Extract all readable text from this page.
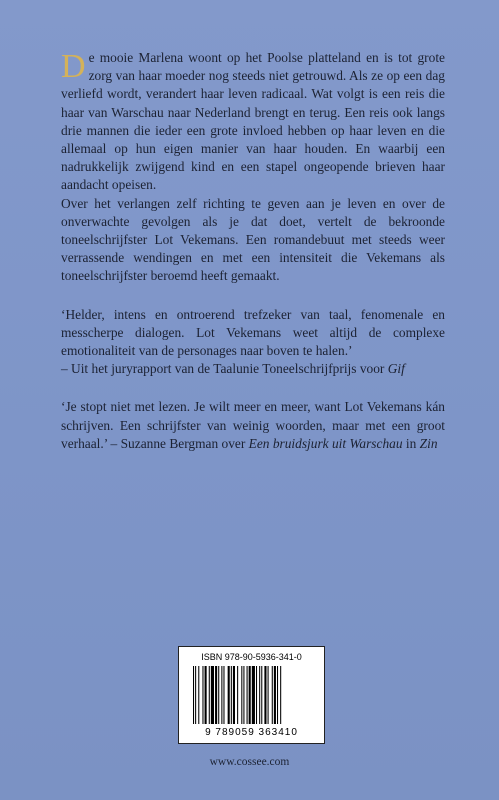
De mooie Marlena woont op het Poolse platteland en is tot grote zorg van haar moeder nog steeds niet getrouwd. Als ze op een dag verliefd wordt, verandert haar leven radicaal. Wat volgt is een reis die haar van Warschau naar Nederland brengt en terug. Een reis ook langs drie mannen die ieder een grote invloed hebben op haar leven en die allemaal op hun eigen manier van haar houden. En waarbij een nadrukkelijk zwijgend kind en een stapel ongeopende brieven haar aandacht opeisen.

Over het verlangen zelf richting te geven aan je leven en over de onverwachte gevolgen als je dat doet, vertelt de bekroonde toneelschrijfster Lot Vekemans. Een romandebuut met steeds weer verrassende wendingen en met een intensiteit die Vekemans als toneelschrijfster beroemd heeft gemaakt.

‘Helder, intens en ontroerend trefzeker van taal, fenomenale en messcherpe dialogen. Lot Vekemans weet altijd de complexe emotionaliteit van de personages naar boven te halen.’

– Uit het juryrapport van de Taalunie Toneelschrijfprijs voor Gif

‘Je stopt niet met lezen. Je wilt meer en meer, want Lot Vekemans kán schrijven. Een schrijfster van weinig woorden, maar met een groot verhaal.’ – Suzanne Bergman over Een bruidsjurk uit Warschau in Zin

ISBN 978-90-5936-341-0
9 789059 363410
www.cossee.com
